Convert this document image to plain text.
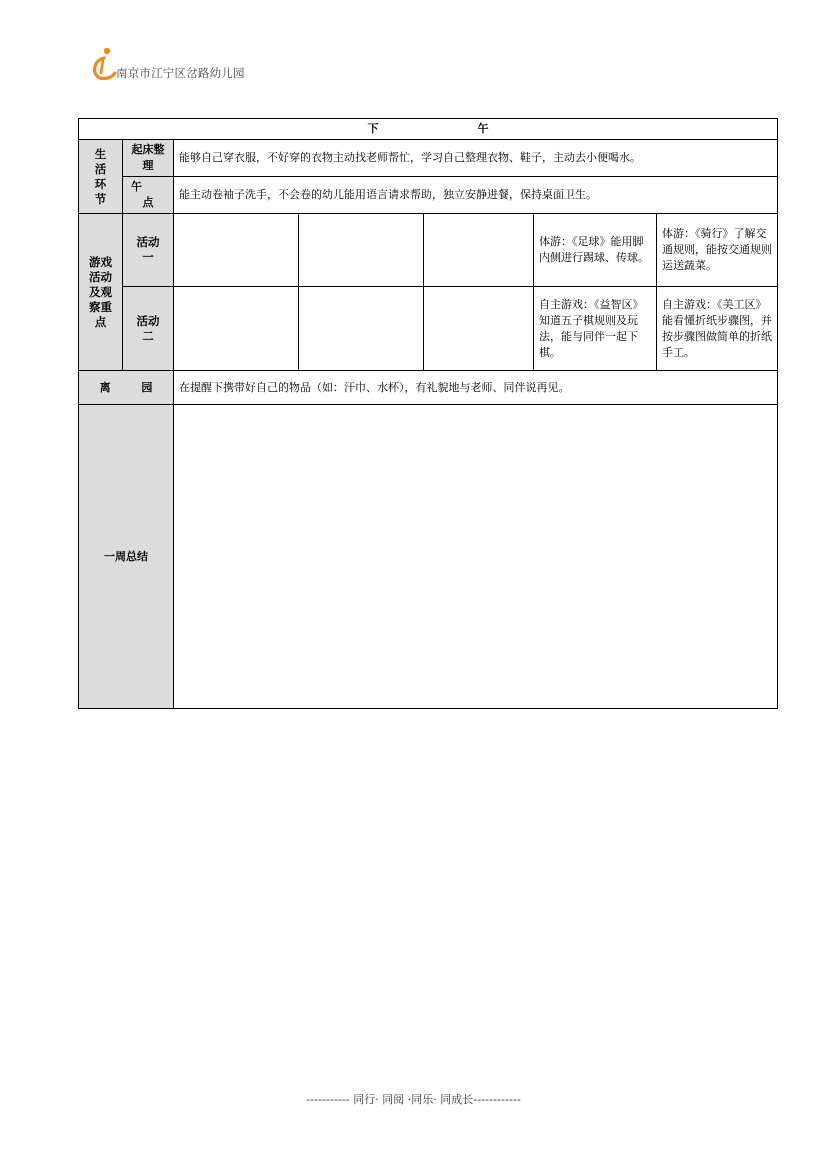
南京市江宁区岔路幼儿园
下 午						

生活环节	起床整理	能够自己穿衣服，不好穿的衣物主动找老师帮忙，学习自己整理衣物、鞋子，主动去小便喝水。				
	午      点	能主动卷袖子洗手，不会卷的幼儿能用语言请求帮助，独立安静进餐，保持桌面卫生。				

游戏活动及观察重点	活动一				体游：《足球》能用脚内侧进行踢球、传球。	体游：《骑行》了解交通规则，能按交通规则运送蔬菜。

	活动二				自主游戏：《益智区》知道五子棋规则及玩法，能与同伴一起下棋。	自主游戏：《美工区》能看懂折纸步骤图，并按步骤图做简单的折纸手工。
离 园		在提醒下携带好自己的物品（如：汗巾、水杯），有礼貌地与老师、同伴说再见。				
一周总结						
----------- 同行· 同阅 ·同乐· 同成长------------
